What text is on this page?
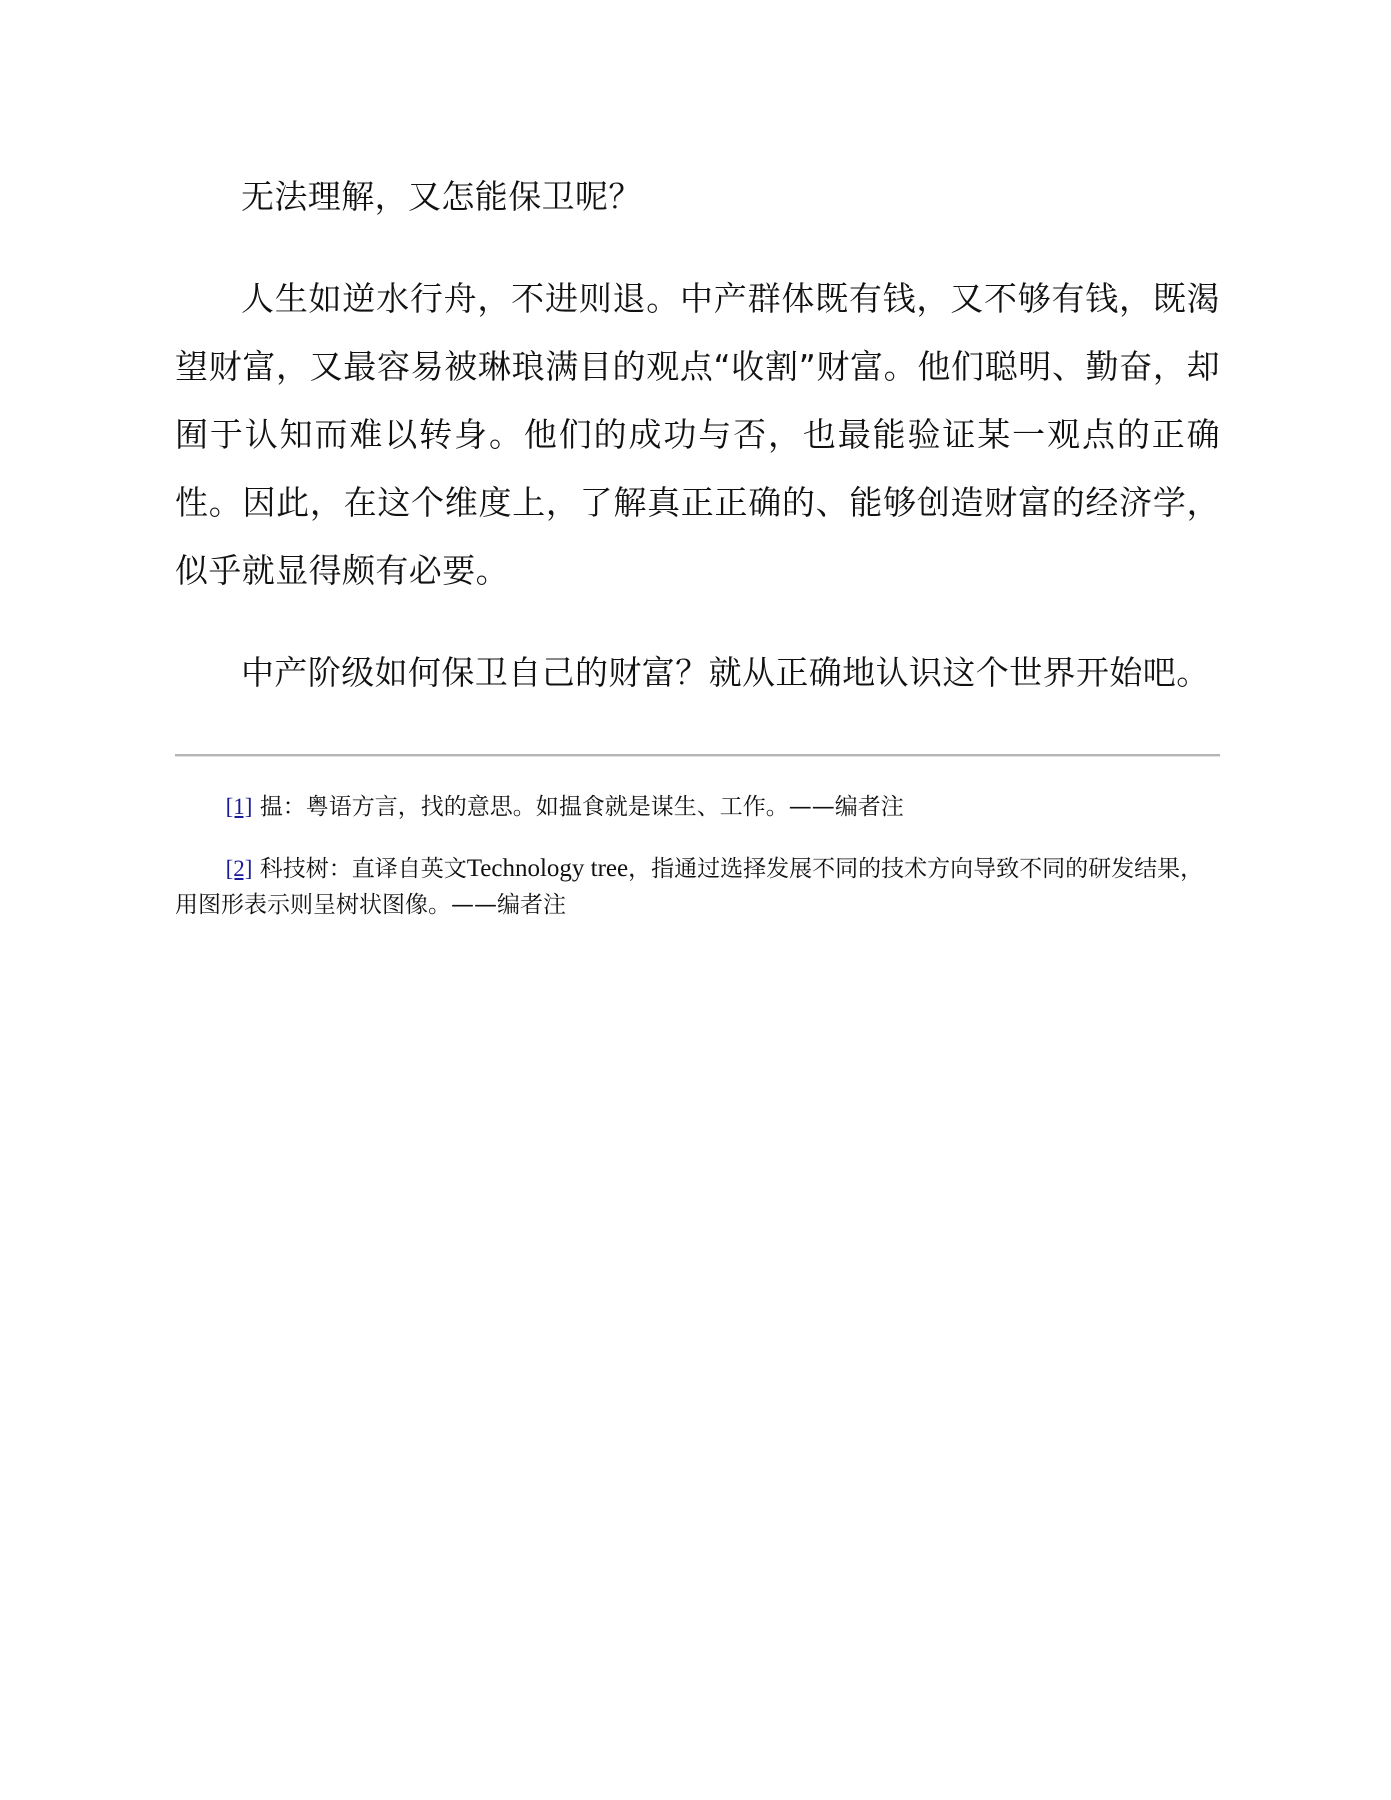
无法理解，又怎能保卫呢？

人生如逆水行舟，不进则退。中产群体既有钱，又不够有钱，既渴望财富，又最容易被琳琅满目的观点“收割”财富。他们聪明、勤奋，却囿于认知而难以转身。他们的成功与否，也最能验证某一观点的正确性。因此，在这个维度上，了解真正正确的、能够创造财富的经济学，似乎就显得颇有必要。

中产阶级如何保卫自己的财富？就从正确地认识这个世界开始吧。

[1] 揾：粤语方言，找的意思。如揾食就是谋生、工作。——编者注

[2] 科技树：直译自英文Technology tree，指通过选择发展不同的技术方向导致不同的研发结果，用图形表示则呈树状图像。——编者注
